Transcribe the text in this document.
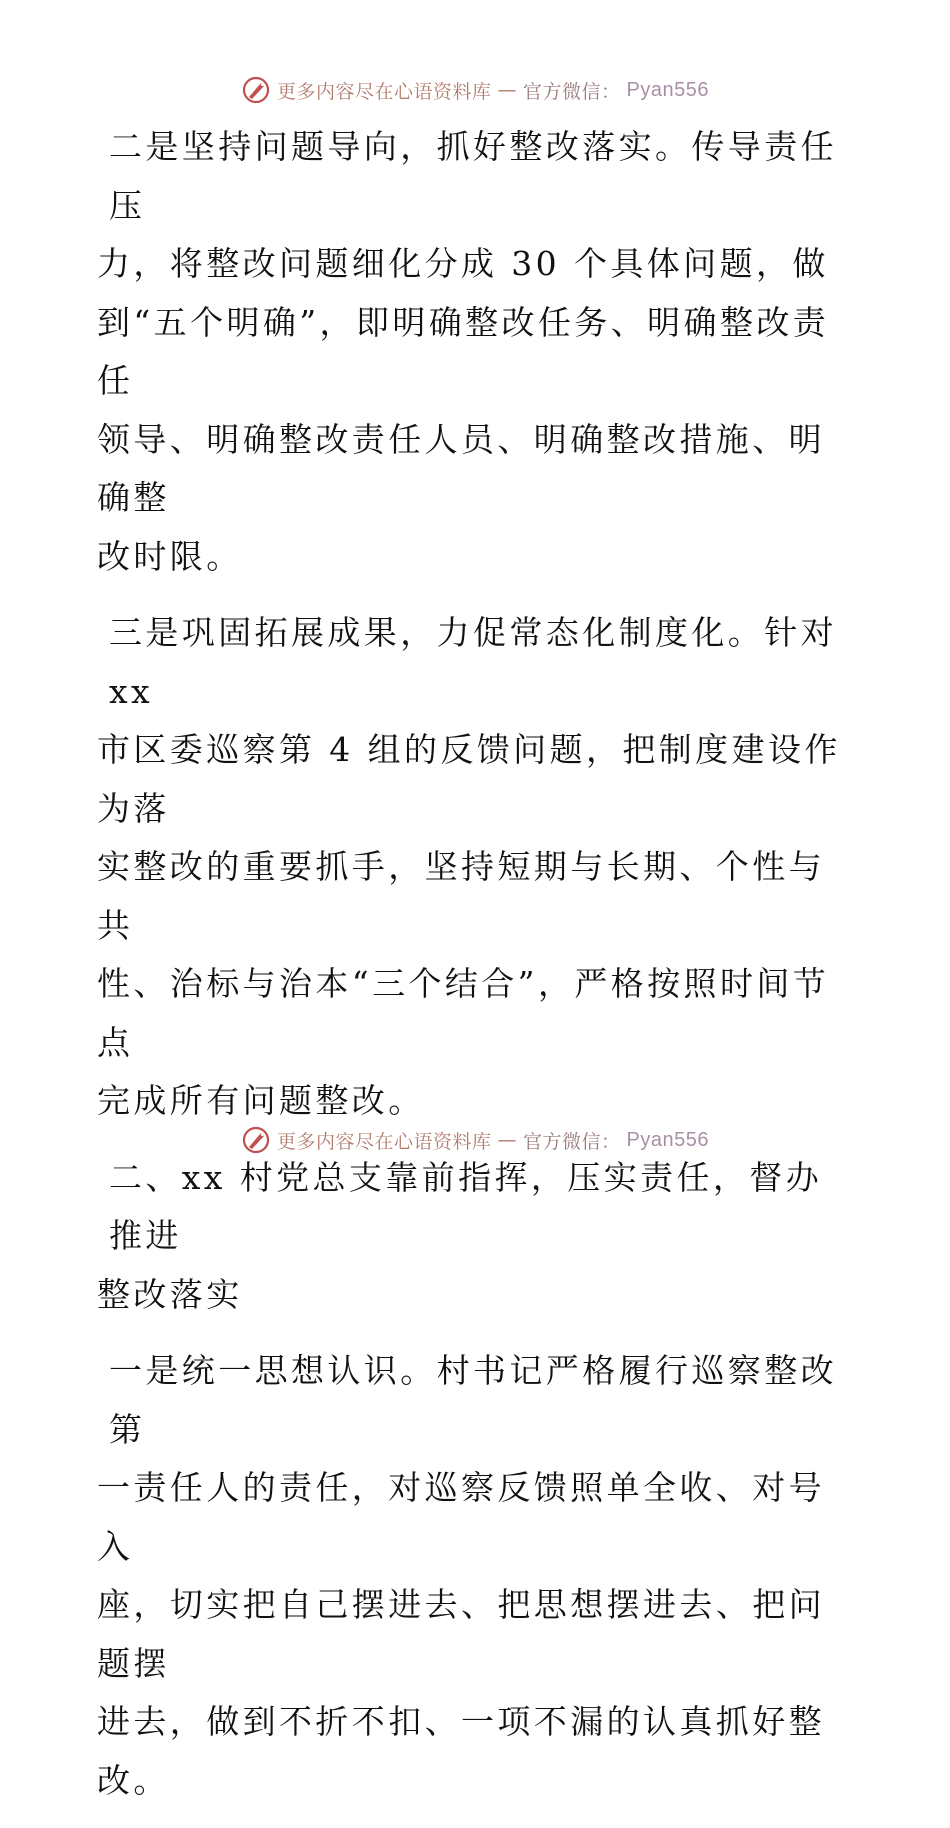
更多内容尽在心语资料库 — 官方微信： Pyan556

二是坚持问题导向，抓好整改落实。传导责任压
力，将整改问题细化分成 30 个具体问题，做
到“五个明确”，即明确整改任务、明确整改责任
领导、明确整改责任人员、明确整改措施、明确整
改时限。

三是巩固拓展成果，力促常态化制度化。针对 xx
市区委巡察第 4 组的反馈问题，把制度建设作为落
实整改的重要抓手，坚持短期与长期、个性与共
性、治标与治本“三个结合”，严格按照时间节点
完成所有问题整改。

二、xx 村党总支靠前指挥，压实责任，督办推进
整改落实

一是统一思想认识。村书记严格履行巡察整改第
一责任人的责任，对巡察反馈照单全收、对号入
座，切实把自己摆进去、把思想摆进去、把问题摆
进去，做到不折不扣、一项不漏的认真抓好整改。

更多内容尽在心语资料库 — 官方微信： Pyan556
